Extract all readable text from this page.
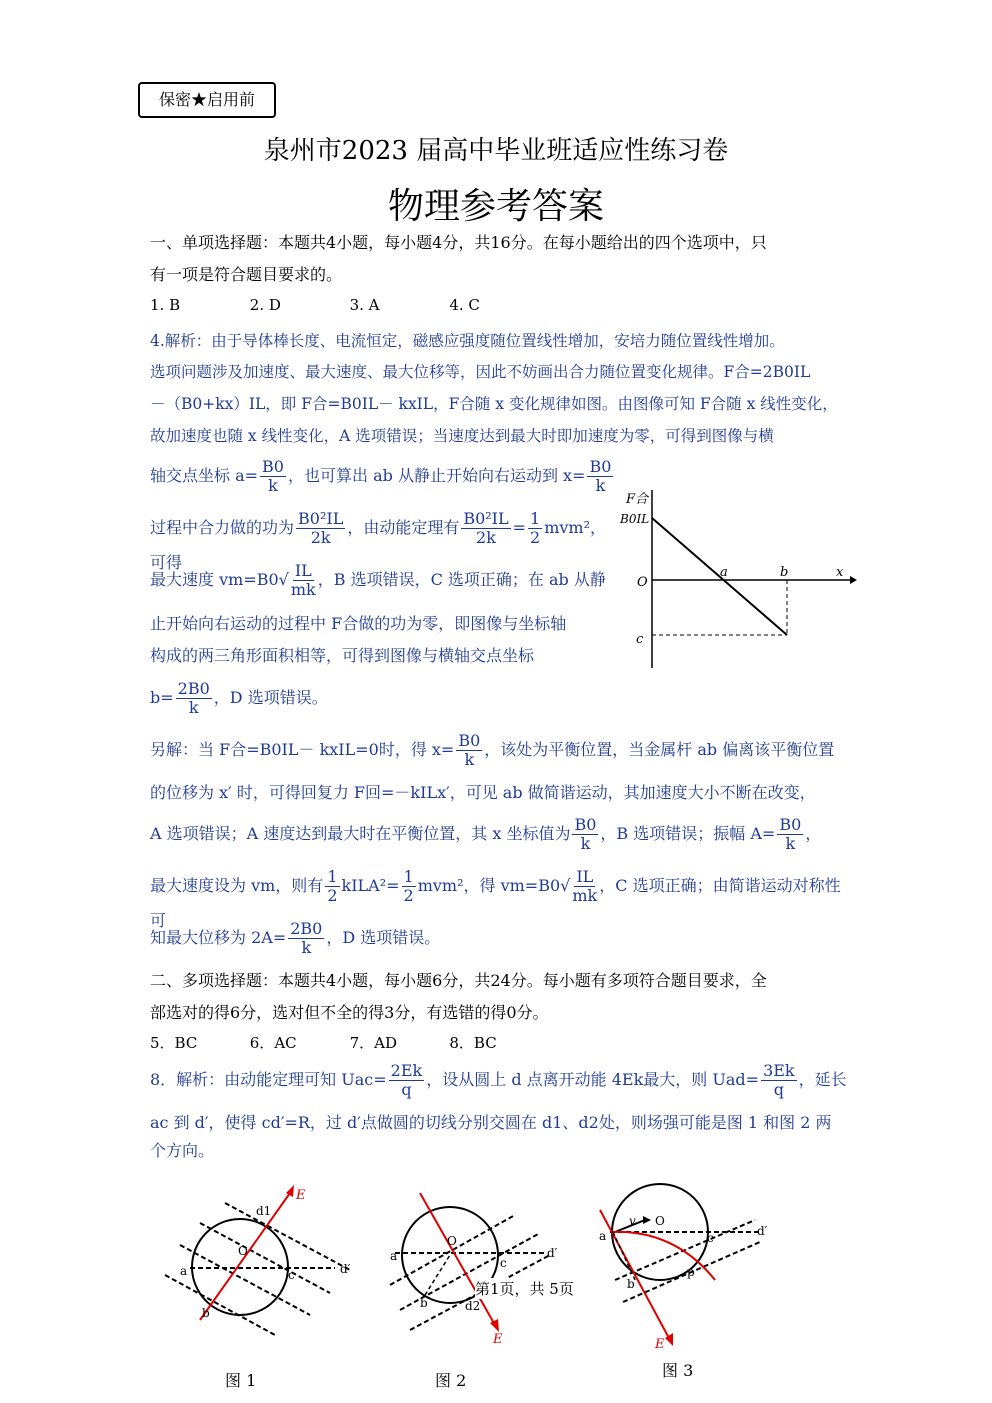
保密★启用前
泉州市2023 届高中毕业班适应性练习卷
物理参考答案
一、单项选择题：本题共4小题，每小题4分，共16分。在每小题给出的四个选项中，只
有一项是符合题目要求的。
1. B	2. D	3. A	4. C
4.解析：由于导体棒长度、电流恒定，磁感应强度随位置线性增加，安培力随位置线性增加。
选项问题涉及加速度、最大速度、最大位移等，因此不妨画出合力随位置变化规律。F合=2B0IL
－（B0+kx）IL，即 F合=B0IL－ kxIL，F合随 x 变化规律如图。由图像可知 F合随 x 线性变化，
故加速度也随 x 线性变化，A 选项错误；当速度达到最大时即加速度为零，可得到图像与横
轴交点坐标 $a= \frac{B0}{k}$ ，也可算出 ab 从静止开始向右运动到 $x= \frac{B0}{k}$
过程中合力做的功为 $\frac{\text{B0²IL}}{2k}$ ，由动能定理有 $\frac{\text{B0²IL}}{2k} = \frac{1}{2} mvm^2$，可得
最大速度 $vm=B0√ \frac{IL}{mk}$ ，B 选项错误，C 选项正确；在 ab 从静
止开始向右运动的过程中 F合做的功为零，即图像与坐标轴
构成的两三角形面积相等，可得到图像与横轴交点坐标
$b= \frac{2B0}{k}$ ，D 选项错误。
F合
B0IL
O
a	b	x
c
另解：当 F合=B0IL－ kxIL=0时，得 $x= \frac{B0}{k}$ ，该处为平衡位置，当金属杆 ab 偏离该平衡位置
的位移为 x′ 时，可得回复力 F回=－kILx′，可见 ab 做简谐运动，其加速度大小不断在改变，
A 选项错误；A 速度达到最大时在平衡位置，其 x 坐标值为 $\frac{B0}{k}$ ，B 选项错误；振幅 $A= \frac{B0}{k}$ ，
最大速度设为 vm，则有 $\frac{1}{2}$ kILA²= $\frac{1}{2} mvm^2$，得 $vm=B0√ \frac{IL}{mk}$ ，C 选项正确；由简谐运动对称性可
知最大位移为 $2A= \frac{2B0}{k}$ ，D 选项错误。
二、多项选择题：本题共4小题，每小题6分，共24分。每小题有多项符合题目要求，全
部选对的得6分，选对但不全的得3分，有选错的得0分。
5．BC	6．AC	7．AD	8．BC
8．解析：由动能定理可知 $Uac= \frac{2Ek}{q}$ ，设从圆上 d 点离开动能 4Ek最大，则 $Uad= \frac{3Ek}{q}$ ，延长
ac 到 d′，使得 cd′=R，过 d′点做圆的切线分别交圆在 d1、d2处，则场强可能是图 1 和图 2 两
个方向。
E
d1
O
a	c	d′
b
图 1
E
O
a	c
d′
b	d2
第1页，共 5页
图 2
E
v O
a	c	d′
b
p
图 3
